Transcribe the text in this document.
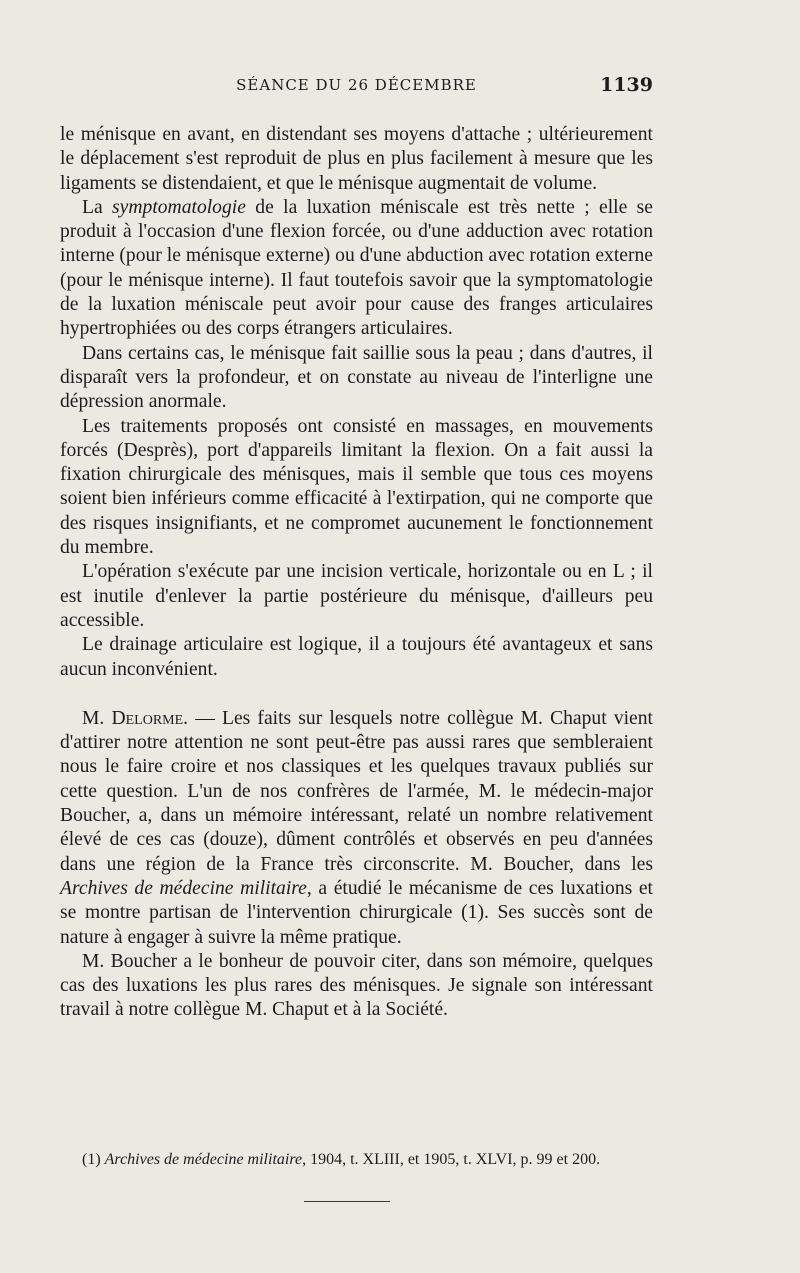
SÉANCE DU 26 DÉCEMBRE	1139

le ménisque en avant, en distendant ses moyens d'attache ; ultérieurement le déplacement s'est reproduit de plus en plus facilement à mesure que les ligaments se distendaient, et que le ménisque augmentait de volume.

La symptomatologie de la luxation méniscale est très nette ; elle se produit à l'occasion d'une flexion forcée, ou d'une adduction avec rotation interne (pour le ménisque externe) ou d'une abduction avec rotation externe (pour le ménisque interne). Il faut toutefois savoir que la symptomatologie de la luxation méniscale peut avoir pour cause des franges articulaires hypertrophiées ou des corps étrangers articulaires.

Dans certains cas, le ménisque fait saillie sous la peau ; dans d'autres, il disparaît vers la profondeur, et on constate au niveau de l'interligne une dépression anormale.

Les traitements proposés ont consisté en massages, en mouvements forcés (Desprès), port d'appareils limitant la flexion. On a fait aussi la fixation chirurgicale des ménisques, mais il semble que tous ces moyens soient bien inférieurs comme efficacité à l'extirpation, qui ne comporte que des risques insignifiants, et ne compromet aucunement le fonctionnement du membre.

L'opération s'exécute par une incision verticale, horizontale ou en L ; il est inutile d'enlever la partie postérieure du ménisque, d'ailleurs peu accessible.

Le drainage articulaire est logique, il a toujours été avantageux et sans aucun inconvénient.

M. Delorme. — Les faits sur lesquels notre collègue M. Chaput vient d'attirer notre attention ne sont peut-être pas aussi rares que sembleraient nous le faire croire et nos classiques et les quelques travaux publiés sur cette question. L'un de nos confrères de l'armée, M. le médecin-major Boucher, a, dans un mémoire intéressant, relaté un nombre relativement élevé de ces cas (douze), dûment contrôlés et observés en peu d'années dans une région de la France très circonscrite. M. Boucher, dans les Archives de médecine militaire, a étudié le mécanisme de ces luxations et se montre partisan de l'intervention chirurgicale (1). Ses succès sont de nature à engager à suivre la même pratique.

M. Boucher a le bonheur de pouvoir citer, dans son mémoire, quelques cas des luxations les plus rares des ménisques. Je signale son intéressant travail à notre collègue M. Chaput et à la Société.

(1) Archives de médecine militaire, 1904, t. XLIII, et 1905, t. XLVI, p. 99 et 200.
